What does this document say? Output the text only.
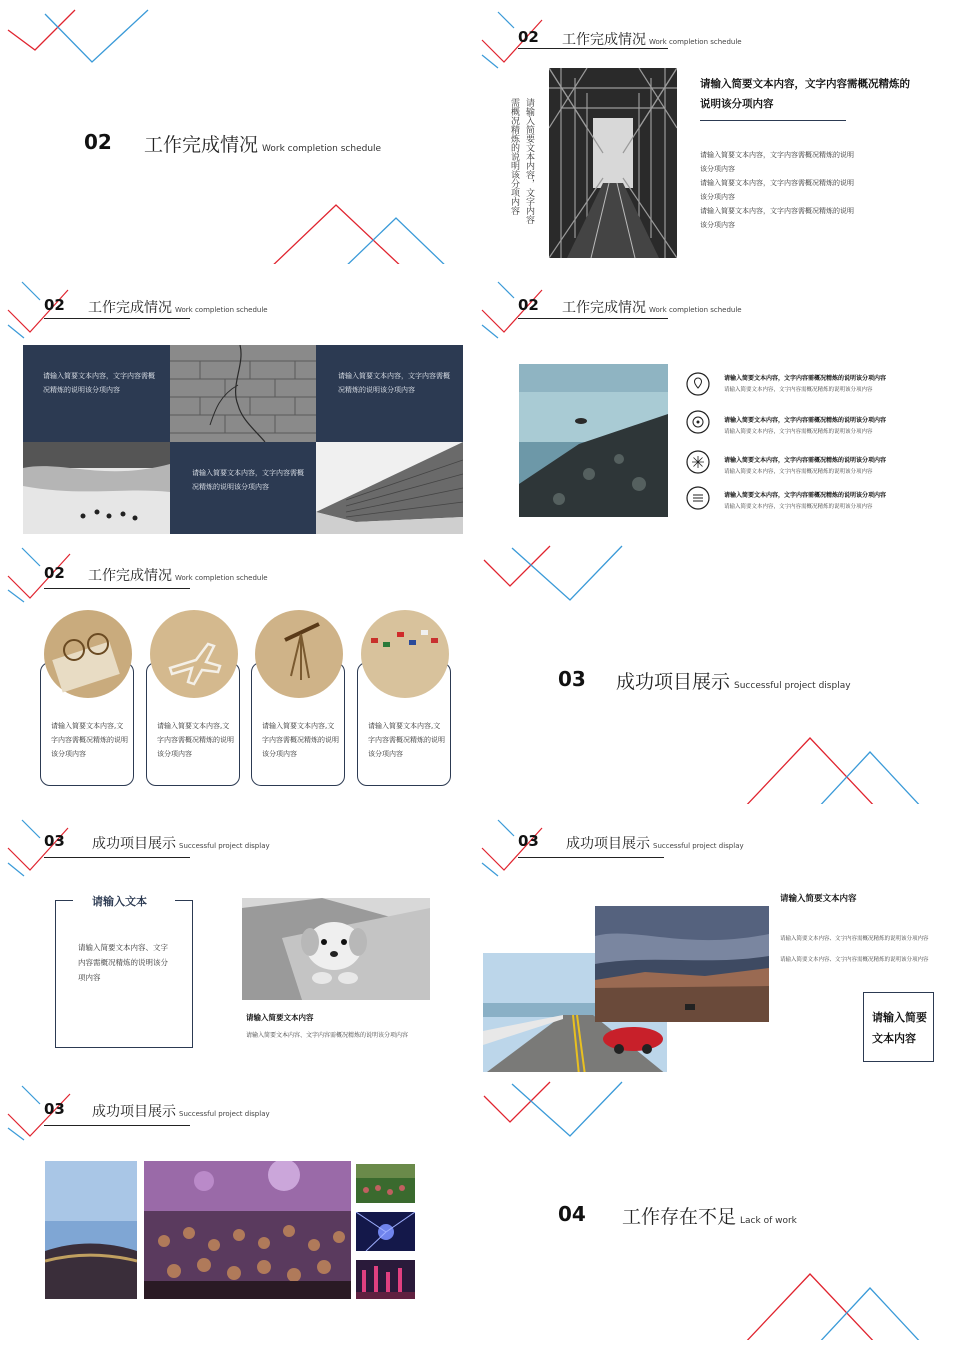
02 工作完成情况 Work completion schedule
02 工作完成情况 Work completion schedule
请输入简要文本内容，文字内容需概况精炼的说明该分项内容
请输入简要文本内容，文字内容需概况精炼的说明该分项内容
请输入简要文本内容，文字内容需概况精炼的说明该分项内容
请输入简要文本内容，文字内容需概况精炼的说明该分项内容
请输入简要文本内容，文字内容需概况精炼的说明该分项内容
02 工作完成情况 Work completion schedule
请输入简要文本内容，文字内容需概况精炼的说明该分项内容
请输入简要文本内容，文字内容需概况精炼的说明该分项内容
请输入简要文本内容，文字内容需概况精炼的说明该分项内容
02 工作完成情况 Work completion schedule
请输入简要文本内容，文字内容需概况精炼的说明该分项内容
请输入简要文本内容，文字内容需概况精炼的说明该分项内容
请输入简要文本内容，文字内容需概况精炼的说明该分项内容
请输入简要文本内容，文字内容需概况精炼的说明该分项内容
请输入简要文本内容，文字内容需概况精炼的说明该分项内容
请输入简要文本内容，文字内容需概况精炼的说明该分项内容
请输入简要文本内容，文字内容需概况精炼的说明该分项内容
请输入简要文本内容，文字内容需概况精炼的说明该分项内容
02 工作完成情况 Work completion schedule
请输入简要文本内容,文字内容需概况精炼的说明该分项内容
请输入简要文本内容,文字内容需概况精炼的说明该分项内容
请输入简要文本内容,文字内容需概况精炼的说明该分项内容
请输入简要文本内容,文字内容需概况精炼的说明该分项内容
03 成功项目展示 Successful project display
03 成功项目展示 Successful project display
请输入文本
请输入简要文本内容、文字内容需概况精炼的说明该分项内容
请输入简要文本内容
请输入简要文本内容、文字内容需概况精炼的说明该分项内容
03 成功项目展示 Successful project display
请输入简要文本内容
请输入简要文本内容、文字内容需概况精炼的说明该分项内容
请输入简要文本内容、文字内容需概况精炼的说明该分项内容
请输入简要文本内容
03 成功项目展示 Successful project display
04 工作存在不足 Lack of work
